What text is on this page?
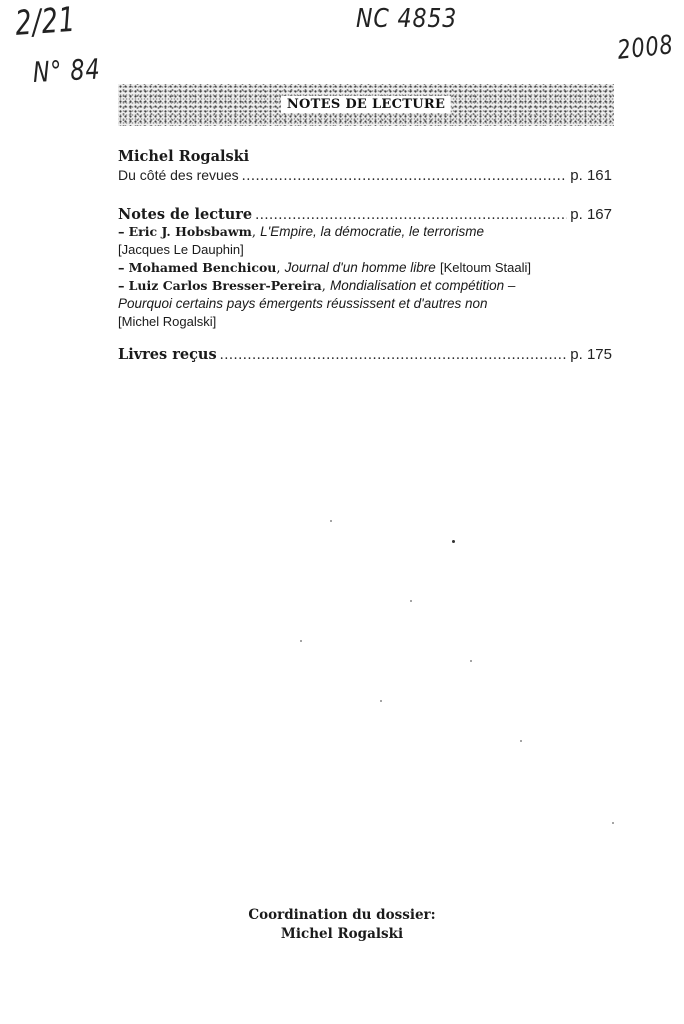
2/21
N° 84
NC 4853
2008
NOTES DE LECTURE
Michel Rogalski
Du côté des revues .....	p. 161
Notes de lecture .....	p. 167
– Eric J. Hobsbawm, L'Empire, la démocratie, le terrorisme
[Jacques Le Dauphin]
– Mohamed Benchicou, Journal d'un homme libre [Keltoum Staali]
– Luiz Carlos Bresser-Pereira, Mondialisation et compétition –
Pourquoi certains pays émergents réussissent et d'autres non
[Michel Rogalski]
Livres reçus .....	p. 175
Coordination du dossier:
Michel Rogalski
